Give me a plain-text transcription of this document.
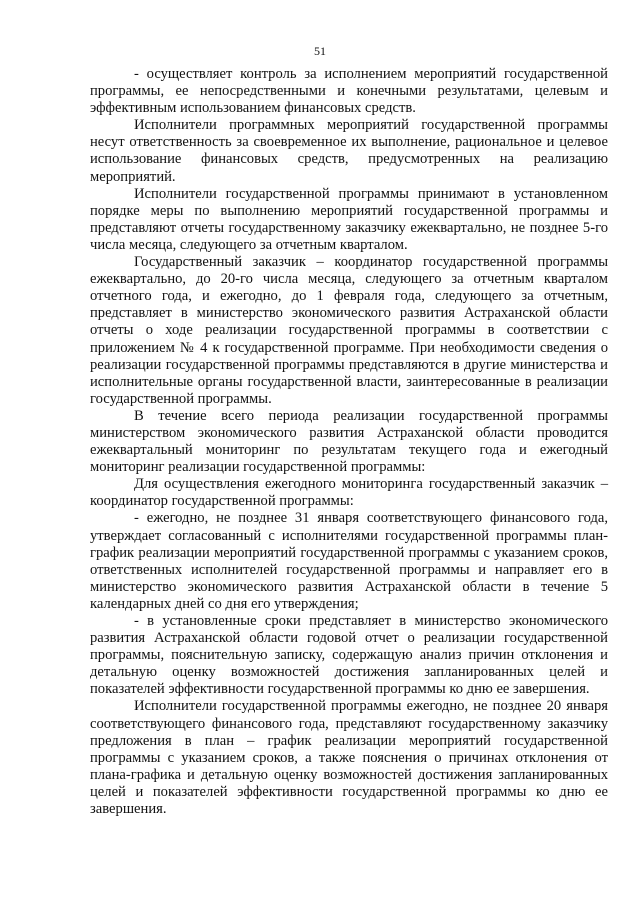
51

- осуществляет контроль за исполнением мероприятий государственной программы, ее непосредственными и конечными результатами, целевым и эффективным использованием финансовых средств.

Исполнители программных мероприятий государственной программы несут ответственность за своевременное их выполнение, рациональное и целевое использование финансовых средств, предусмотренных на реализацию мероприятий.

Исполнители государственной программы принимают в установленном порядке меры по выполнению мероприятий государственной программы и представляют отчеты государственному заказчику ежеквартально, не позднее 5-го числа месяца, следующего за отчетным кварталом.

Государственный заказчик – координатор государственной программы ежеквартально, до 20-го числа месяца, следующего за отчетным кварталом отчетного года, и ежегодно, до 1 февраля года, следующего за отчетным, представляет в министерство экономического развития Астраханской области отчеты о ходе реализации государственной программы в соответствии с приложением № 4 к государственной программе. При необходимости сведения о реализации государственной программы представляются в другие министерства и исполнительные органы государственной власти, заинтересованные в реализации государственной программы.

В течение всего периода реализации государственной программы министерством экономического развития Астраханской области проводится ежеквартальный мониторинг по результатам текущего года и ежегодный мониторинг реализации государственной программы:

Для осуществления ежегодного мониторинга государственный заказчик – координатор государственной программы:

- ежегодно, не позднее 31 января соответствующего финансового года, утверждает согласованный с исполнителями государственной программы план-график реализации мероприятий государственной программы с указанием сроков, ответственных исполнителей государственной программы и направляет его в министерство экономического развития Астраханской области в течение 5 календарных дней со дня его утверждения;

- в установленные сроки представляет в министерство экономического развития Астраханской области годовой отчет о реализации государственной программы, пояснительную записку, содержащую анализ причин отклонения и детальную оценку возможностей достижения запланированных целей и показателей эффективности государственной программы ко дню ее завершения.

Исполнители государственной программы ежегодно, не позднее 20 января соответствующего финансового года, представляют государственному заказчику предложения в план – график реализации мероприятий государственной программы с указанием сроков, а также пояснения о причинах отклонения от плана-графика и детальную оценку возможностей достижения запланированных целей и показателей эффективности государственной программы ко дню ее завершения.
